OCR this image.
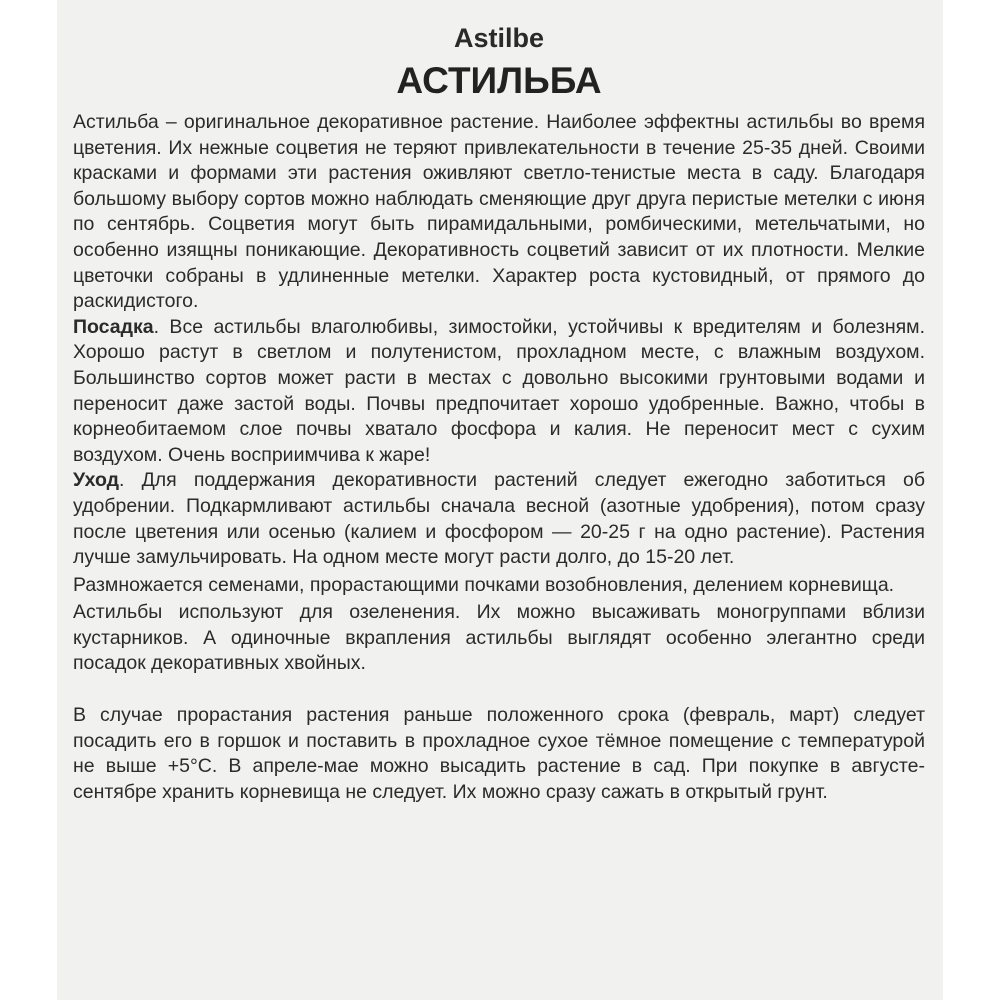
Astilbe
АСТИЛЬБА

Астильба – оригинальное декоративное растение. Наиболее эффектны астильбы во время цветения. Их нежные соцветия не теряют привлекательности в течение 25-35 дней. Своими красками и формами эти растения оживляют светло-тенистые места в саду. Благодаря большому выбору сортов можно наблюдать сменяющие друг друга перистые метелки с июня по сентябрь. Соцветия могут быть пирамидальными, ромбическими, метельчатыми, но особенно изящны поникающие. Декоративность соцветий зависит от их плотности. Мелкие цветочки собраны в удлиненные метелки. Характер роста кустовидный, от прямого до раскидистого.

Посадка. Все астильбы влаголюбивы, зимостойки, устойчивы к вредителям и болезням. Хорошо растут в светлом и полутенистом, прохладном месте, с влажным воздухом. Большинство сортов может расти в местах с довольно высокими грунтовыми водами и переносит даже застой воды. Почвы предпочитает хорошо удобренные. Важно, чтобы в корнеобитаемом слое почвы хватало фосфора и калия. Не переносит мест с сухим воздухом. Очень восприимчива к жаре!

Уход. Для поддержания декоративности растений следует ежегодно заботиться об удобрении. Подкармливают астильбы сначала весной (азотные удобрения), потом сразу после цветения или осенью (калием и фосфором — 20-25 г на одно растение). Растения лучше замульчировать. На одном месте могут расти долго, до 15-20 лет.

Размножается семенами, прорастающими почками возобновления, делением корневища.

Астильбы используют для озеленения. Их можно высаживать моногруппами вблизи кустарников. А одиночные вкрапления астильбы выглядят особенно элегантно среди посадок декоративных хвойных.

В случае прорастания растения раньше положенного срока (февраль, март) следует посадить его в горшок и поставить в прохладное сухое тёмное помещение с температурой не выше +5°С. В апреле-мае можно высадить растение в сад. При покупке в августе-сентябре хранить корневища не следует. Их можно сразу сажать в открытый грунт.
